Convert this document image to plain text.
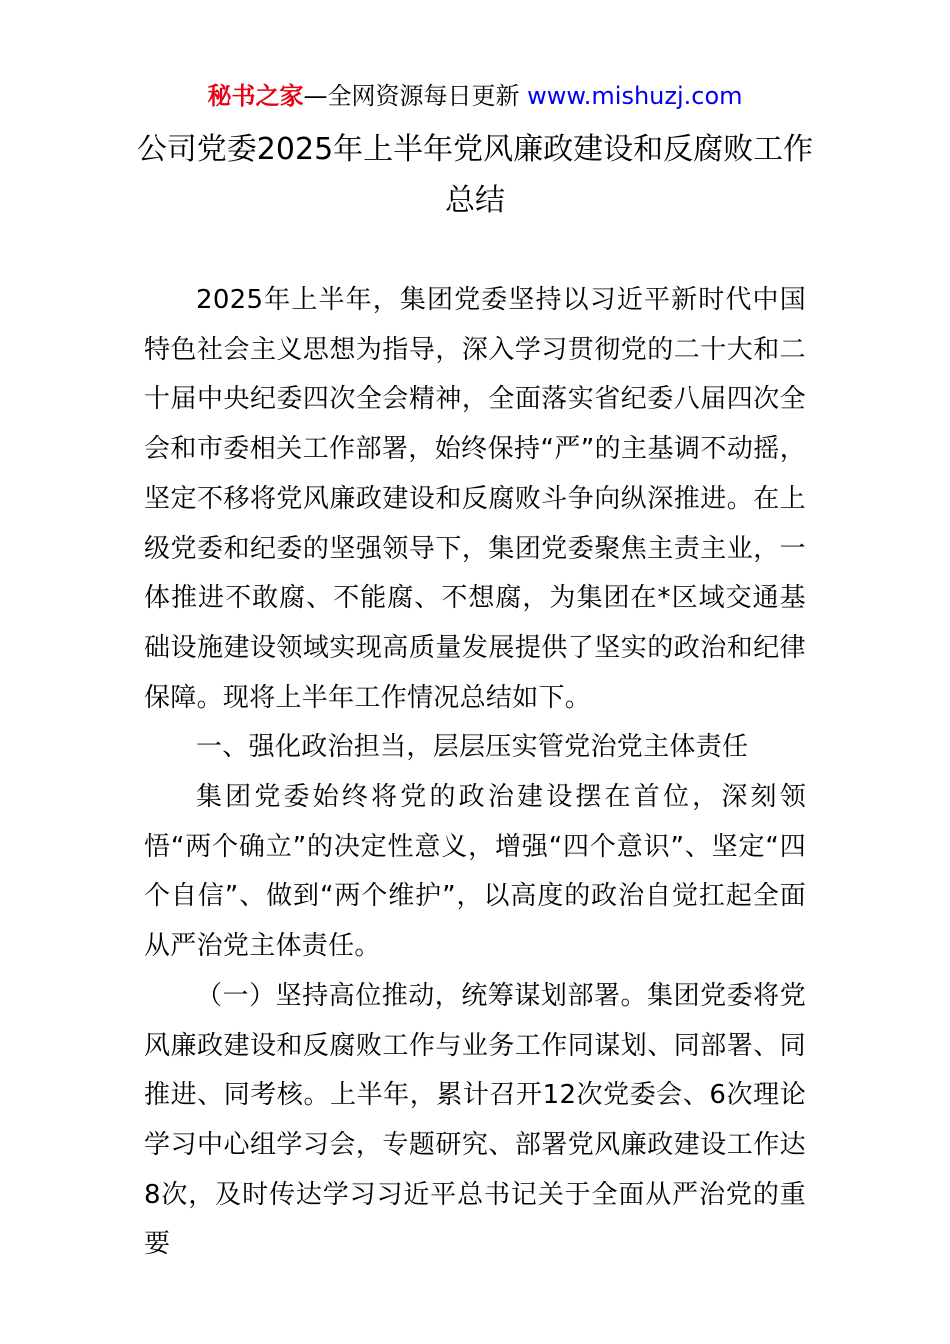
秘书之家—全网资源每日更新 www.mishuzj.com
公司党委2025年上半年党风廉政建设和反腐败工作总结

2025年上半年，集团党委坚持以习近平新时代中国特色社会主义思想为指导，深入学习贯彻党的二十大和二十届中央纪委四次全会精神，全面落实省纪委八届四次全会和市委相关工作部署，始终保持“严”的主基调不动摇，坚定不移将党风廉政建设和反腐败斗争向纵深推进。在上级党委和纪委的坚强领导下，集团党委聚焦主责主业，一体推进不敢腐、不能腐、不想腐，为集团在*区域交通基础设施建设领域实现高质量发展提供了坚实的政治和纪律保障。现将上半年工作情况总结如下。

一、强化政治担当，层层压实管党治党主体责任

集团党委始终将党的政治建设摆在首位，深刻领悟“两个确立”的决定性意义，增强“四个意识”、坚定“四个自信”、做到“两个维护”，以高度的政治自觉扛起全面从严治党主体责任。

（一）坚持高位推动，统筹谋划部署。集团党委将党风廉政建设和反腐败工作与业务工作同谋划、同部署、同推进、同考核。上半年，累计召开12次党委会、6次理论学习中心组学习会，专题研究、部署党风廉政建设工作达8次，及时传达学习习近平总书记关于全面从严治党的重要
